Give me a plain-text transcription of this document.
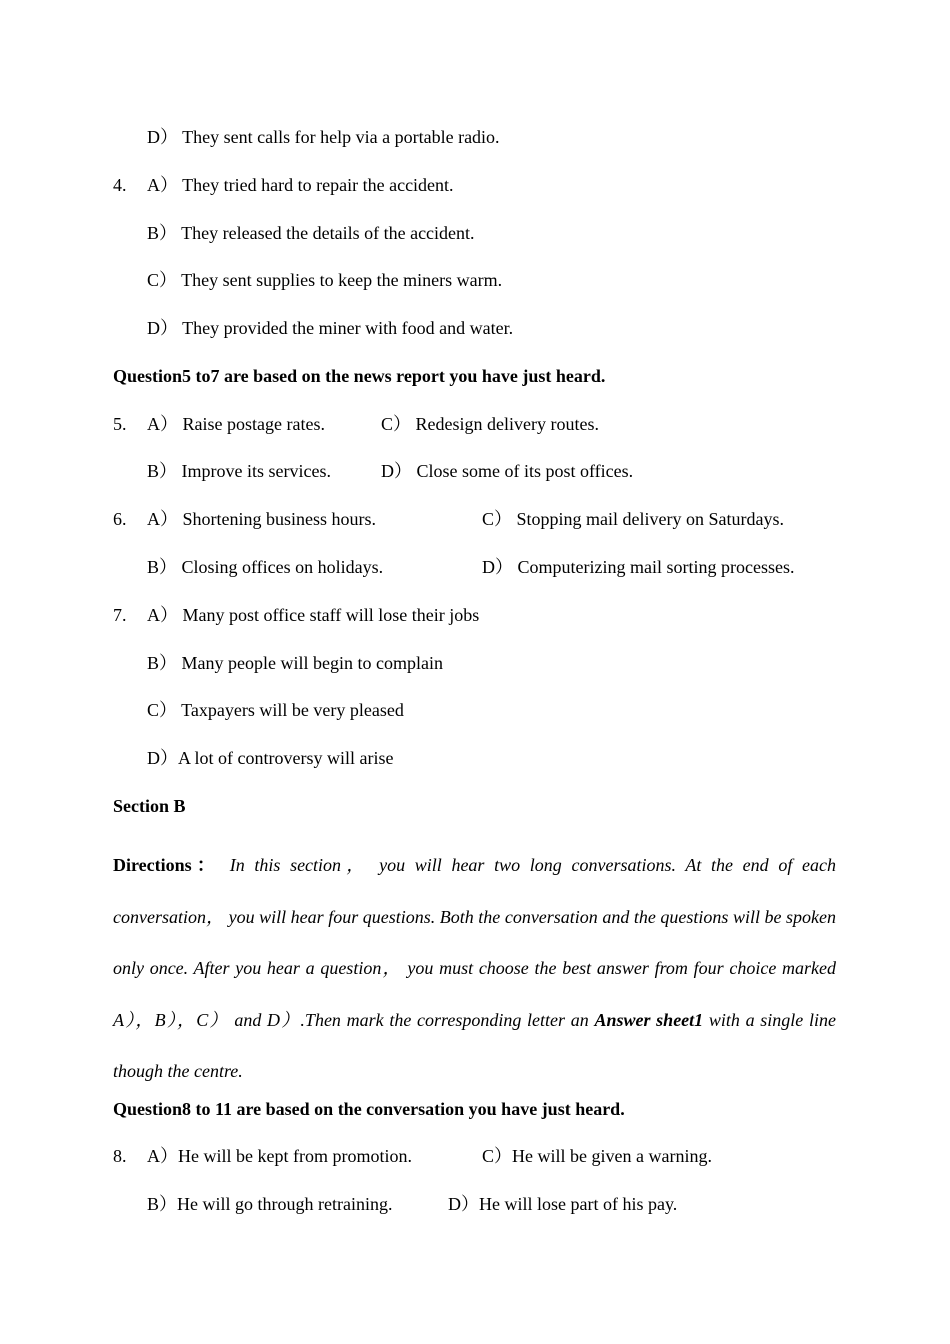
D） They sent calls for help via a portable radio.
4. A） They tried hard to repair the accident.
B） They released the details of the accident.
C） They sent supplies to keep the miners warm.
D） They provided the miner with food and water.
Question5 to7 are based on the news report you have just heard.
5. A） Raise postage rates.	C） Redesign delivery routes.
B） Improve its services.	D） Close some of its post offices.
6. A） Shortening business hours.	C） Stopping mail delivery on Saturdays.
B） Closing offices on holidays.	D） Computerizing mail sorting processes.
7. A） Many post office staff will lose their jobs
B） Many people will begin to complain
C） Taxpayers will be very pleased
D）A lot of controversy will arise
Section B
Directions： In this section， you will hear two long conversations. At the end of each conversation， you will hear four questions. Both the conversation and the questions will be spoken only once. After you hear a question， you must choose the best answer from four choice marked A），B），C） and D）.Then mark the corresponding letter an Answer sheet1 with a single line though the centre.
Question8 to 11 are based on the conversation you have just heard.
8. A）He will be kept from promotion.	C）He will be given a warning.
B）He will go through retraining.	D）He will lose part of his pay.
